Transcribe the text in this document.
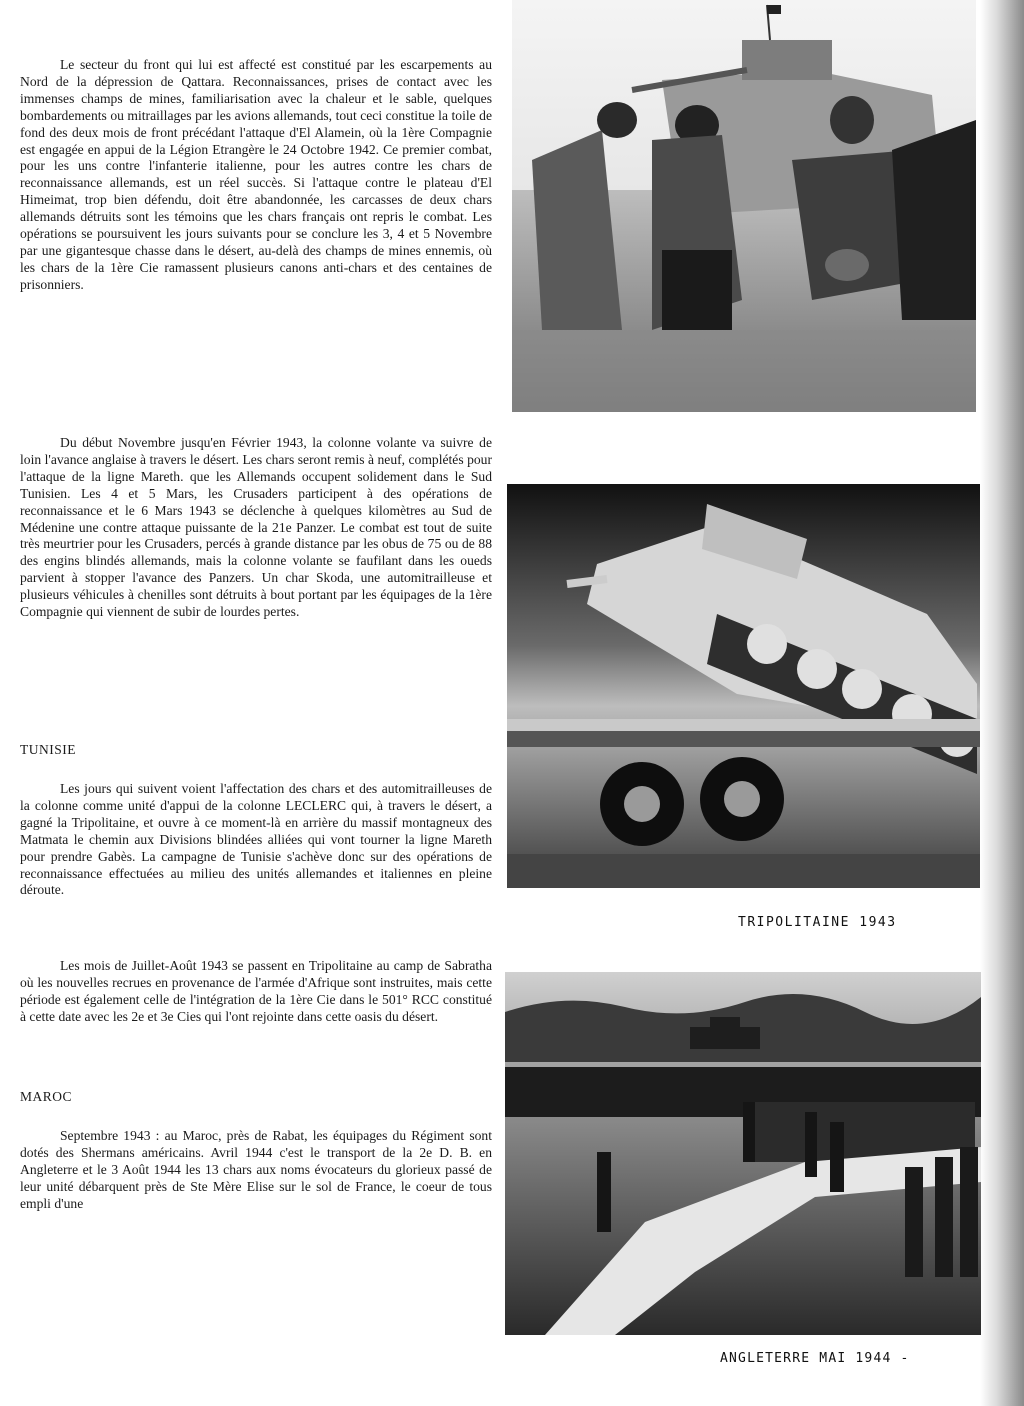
Le secteur du front qui lui est affecté est constitué par les escarpements au Nord de la dépression de Qattara. Reconnaissances, prises de contact avec les immenses champs de mines, familiarisation avec la chaleur et le sable, quelques bombardements ou mitraillages par les avions allemands, tout ceci constitue la toile de fond des deux mois de front précédant l'attaque d'El Alamein, où la 1ère Compagnie est engagée en appui de la Légion Etrangère le 24 Octobre 1942. Ce premier combat, pour les uns contre l'infanterie italienne, pour les autres contre les chars de reconnaissance allemands, est un réel succès. Si l'attaque contre le plateau d'El Himeimat, trop bien défendu, doit être abandonnée, les carcasses de deux chars allemands détruits sont les témoins que les chars français ont repris le combat. Les opérations se poursuivent les jours suivants pour se conclure les 3, 4 et 5 Novembre par une gigantesque chasse dans le désert, au-delà des champs de mines ennemis, où les chars de la 1ère Cie ramassent plusieurs canons anti-chars et des centaines de prisonniers.

Du début Novembre jusqu'en Février 1943, la colonne volante va suivre de loin l'avance anglaise à travers le désert. Les chars seront remis à neuf, complétés pour l'attaque de la ligne Mareth. que les Allemands occupent solidement dans le Sud Tunisien. Les 4 et 5 Mars, les Crusaders participent à des opérations de reconnaissance et le 6 Mars 1943 se déclenche à quelques kilomètres au Sud de Médenine une contre attaque puissante de la 21e Panzer. Le combat est tout de suite très meurtrier pour les Crusaders, percés à grande distance par les obus de 75 ou de 88 des engins blindés allemands, mais la colonne volante se faufilant dans les oueds parvient à stopper l'avance des Panzers. Un char Skoda, une automitrailleuse et plusieurs véhicules à chenilles sont détruits à bout portant par les équipages de la 1ère Compagnie qui viennent de subir de lourdes pertes.

TUNISIE

Les jours qui suivent voient l'affectation des chars et des automitrailleuses de la colonne comme unité d'appui de la colonne LECLERC qui, à travers le désert, a gagné la Tripolitaine, et ouvre à ce moment-là en arrière du massif montagneux des Matmata le chemin aux Divisions blindées alliées qui vont tourner la ligne Mareth pour prendre Gabès. La campagne de Tunisie s'achève donc sur des opérations de reconnaissance effectuées au milieu des unités allemandes et italiennes en pleine déroute.

Les mois de Juillet-Août 1943 se passent en Tripolitaine au camp de Sabratha où les nouvelles recrues en provenance de l'armée d'Afrique sont instruites, mais cette période est également celle de l'intégration de la 1ère Cie dans le 501° RCC constitué à cette date avec les 2e et 3e Cies qui l'ont rejointe dans cette oasis du désert.

MAROC

Septembre 1943 : au Maroc, près de Rabat, les équipages du Régiment sont dotés des Shermans américains. Avril 1944 c'est le transport de la 2e D. B. en Angleterre et le 3 Août 1944 les 13 chars aux noms évocateurs du glorieux passé de leur unité débarquent près de Ste Mère Elise sur le sol de France, le coeur de tous empli d'une

TRIPOLITAINE 1943
ANGLETERRE MAI 1944 -
